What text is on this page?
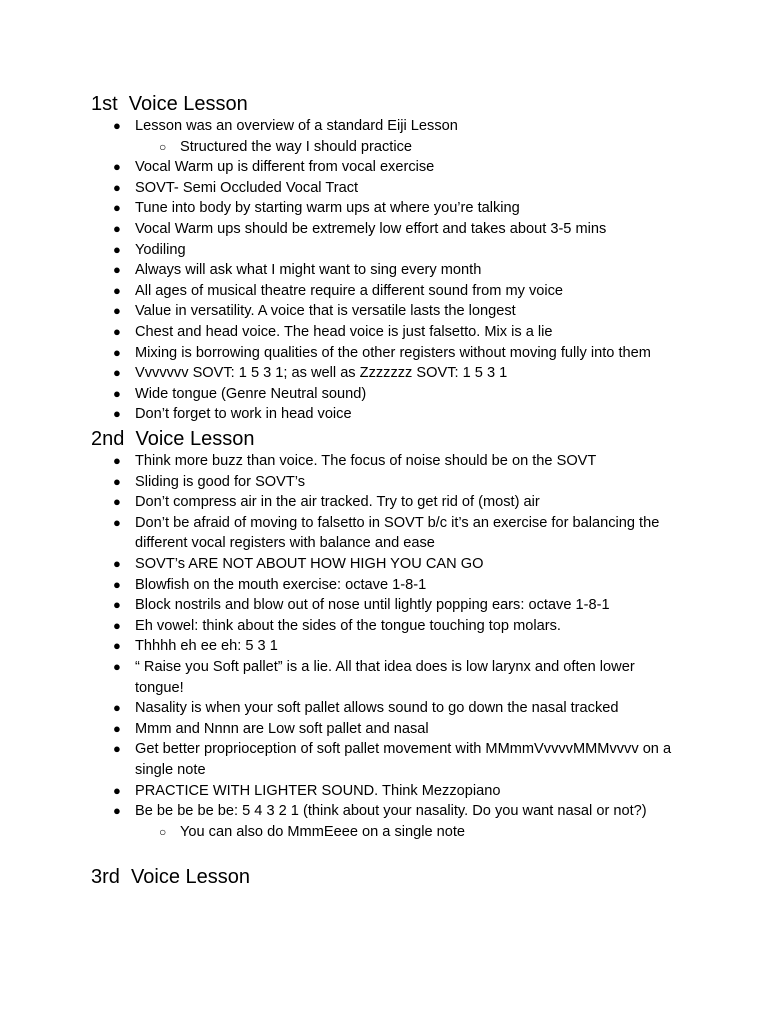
1st  Voice Lesson
● Lesson was an overview of a standard Eiji Lesson
○ Structured the way I should practice
● Vocal Warm up is different from vocal exercise
● SOVT- Semi Occluded Vocal Tract
● Tune into body by starting warm ups at where you’re talking
● Vocal Warm ups should be extremely low effort and takes about 3-5 mins
● Yodiling
● Always will ask what I might want to sing every month
● All ages of musical theatre require a different sound from my voice
● Value in versatility. A voice that is versatile lasts the longest
● Chest and head voice. The head voice is just falsetto. Mix is a lie
● Mixing is borrowing qualities of the other registers without moving fully into them
● Vvvvvvv SOVT: 1 5 3 1; as well as Zzzzzzz SOVT: 1 5 3 1
● Wide tongue (Genre Neutral sound)
● Don’t forget to work in head voice
2nd  Voice Lesson
● Think more buzz than voice. The focus of noise should be on the SOVT
● Sliding is good for SOVT’s
● Don’t compress air in the air tracked. Try to get rid of (most) air
● Don’t be afraid of moving to falsetto in SOVT b/c it’s an exercise for balancing the different vocal registers with balance and ease
● SOVT’s ARE NOT ABOUT HOW HIGH YOU CAN GO
● Blowfish on the mouth exercise: octave 1-8-1
● Block nostrils and blow out of nose until lightly popping ears: octave 1-8-1
● Eh vowel: think about the sides of the tongue touching top molars.
● Thhhh eh ee eh: 5 3 1
● “ Raise you Soft pallet” is a lie. All that idea does is low larynx and often lower tongue!
● Nasality is when your soft pallet allows sound to go down the nasal tracked
● Mmm and Nnnn are Low soft pallet and nasal
● Get better proprioception of soft pallet movement with MMmmVvvvvMMMvvvv on a single note
● PRACTICE WITH LIGHTER SOUND. Think Mezzopiano
● Be be be be be: 5 4 3 2 1 (think about your nasality. Do you want nasal or not?)
○ You can also do MmmEeee on a single note
3rd  Voice Lesson
